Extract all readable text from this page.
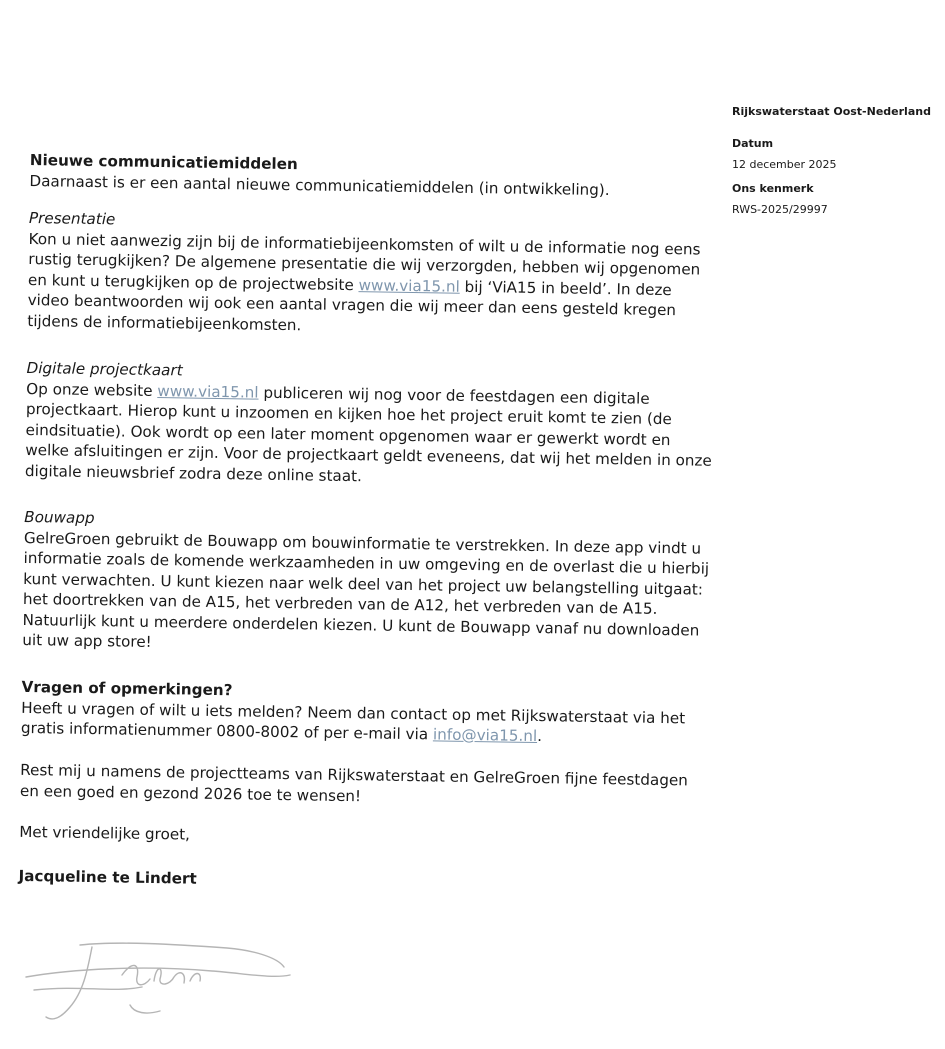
Rijkswaterstaat Oost-Nederland
Datum
12 december 2025
Ons kenmerk
RWS-2025/29997

Nieuwe communicatiemiddelen

Daarnaast is er een aantal nieuwe communicatiemiddelen (in ontwikkeling).

Presentatie

Kon u niet aanwezig zijn bij de informatiebijeenkomsten of wilt u de informatie nog eens rustig terugkijken? De algemene presentatie die wij verzorgden, hebben wij opgenomen en kunt u terugkijken op de projectwebsite www.via15.nl bij ‘ViA15 in beeld’. In deze video beantwoorden wij ook een aantal vragen die wij meer dan eens gesteld kregen tijdens de informatiebijeenkomsten.

Digitale projectkaart

Op onze website www.via15.nl publiceren wij nog voor de feestdagen een digitale projectkaart. Hierop kunt u inzoomen en kijken hoe het project eruit komt te zien (de eindsituatie). Ook wordt op een later moment opgenomen waar er gewerkt wordt en welke afsluitingen er zijn. Voor de projectkaart geldt eveneens, dat wij het melden in onze digitale nieuwsbrief zodra deze online staat.

Bouwapp

GelreGroen gebruikt de Bouwapp om bouwinformatie te verstrekken. In deze app vindt u informatie zoals de komende werkzaamheden in uw omgeving en de overlast die u hierbij kunt verwachten. U kunt kiezen naar welk deel van het project uw belangstelling uitgaat: het doortrekken van de A15, het verbreden van de A12, het verbreden van de A15. Natuurlijk kunt u meerdere onderdelen kiezen. U kunt de Bouwapp vanaf nu downloaden uit uw app store!

Vragen of opmerkingen?

Heeft u vragen of wilt u iets melden? Neem dan contact op met Rijkswaterstaat via het gratis informatienummer 0800-8002 of per e-mail via info@via15.nl.

Rest mij u namens de projectteams van Rijkswaterstaat en GelreGroen fijne feestdagen en een goed en gezond 2026 toe te wensen!

Met vriendelijke groet,

Jacqueline te Lindert
